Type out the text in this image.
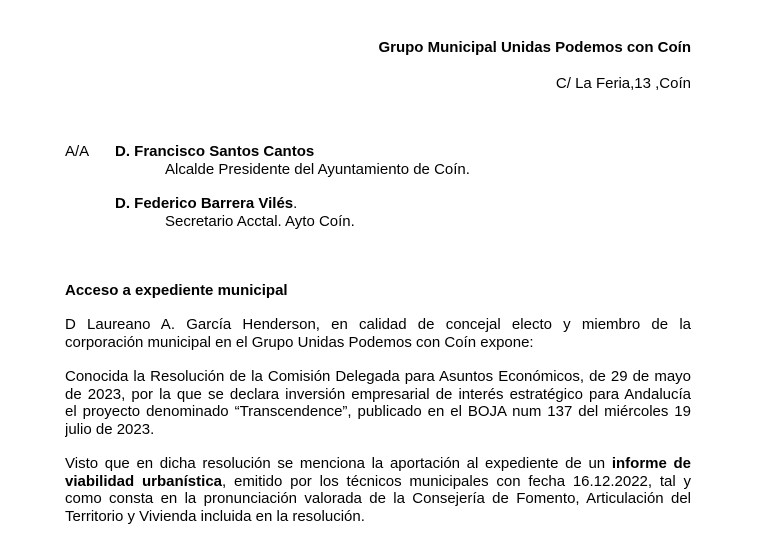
Grupo Municipal Unidas Podemos con Coín
C/ La Feria,13 ,Coín
A/A D. Francisco Santos Cantos
Alcalde Presidente del Ayuntamiento de Coín.
D. Federico Barrera Vilés.
Secretario Acctal. Ayto Coín.
Acceso a expediente municipal
D Laureano A. García Henderson, en calidad de concejal electo y miembro de la
corporación municipal en el Grupo Unidas Podemos con Coín expone:
Conocida la Resolución de la Comisión Delegada para Asuntos Económicos, de 29 de mayo
de 2023, por la que se declara inversión empresarial de interés estratégico para Andalucía
el proyecto denominado “Transcendence”, publicado en el BOJA num 137 del miércoles 19
julio de 2023.
Visto que en dicha resolución se menciona la aportación al expediente de un informe de
viabilidad urbanística, emitido por los técnicos municipales con fecha 16.12.2022, tal y
como consta en la pronunciación valorada de la Consejería de Fomento, Articulación del
Territorio y Vivienda incluida en la resolución.
